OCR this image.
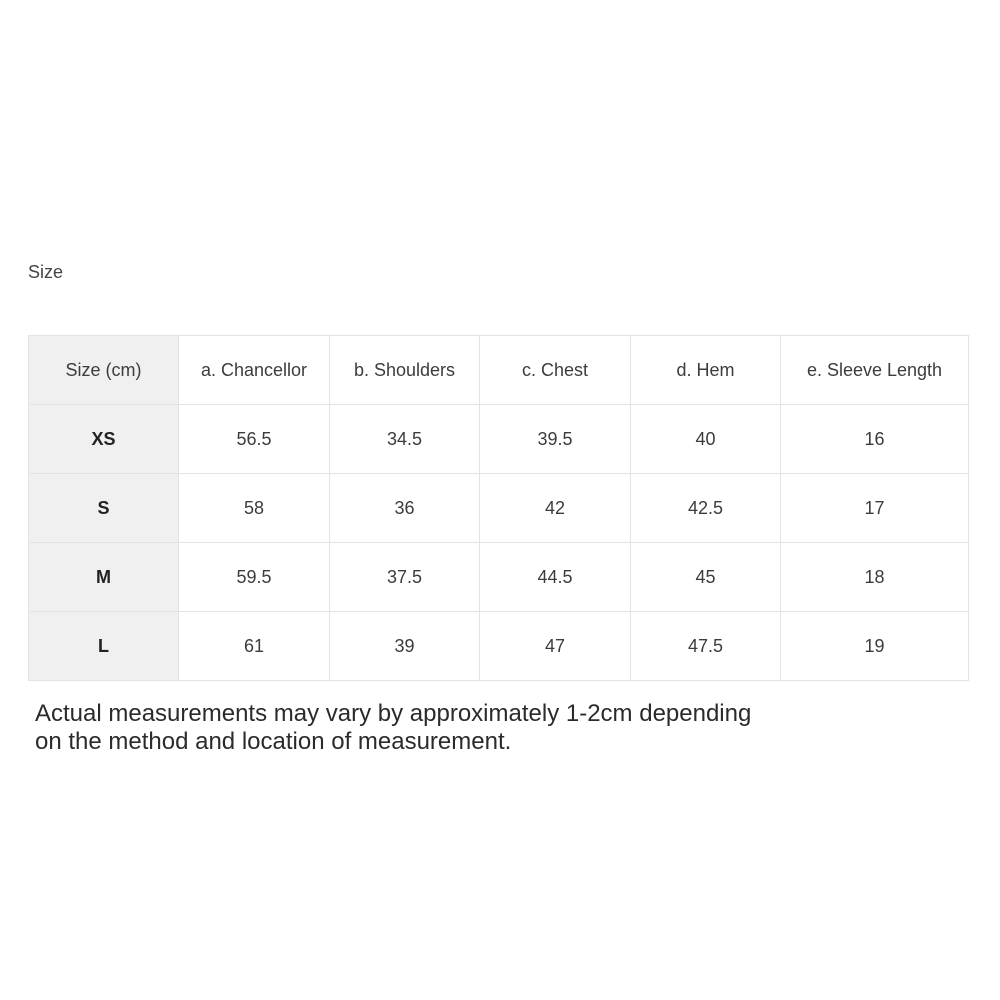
Size
Size (cm)	a. Chancellor	b. Shoulders	c. Chest	d. Hem	e. Sleeve Length
XS	56.5	34.5	39.5	40	16
S	58	36	42	42.5	17
M	59.5	37.5	44.5	45	18
L	61	39	47	47.5	19
Actual measurements may vary by approximately 1-2cm depending
on the method and location of measurement.
